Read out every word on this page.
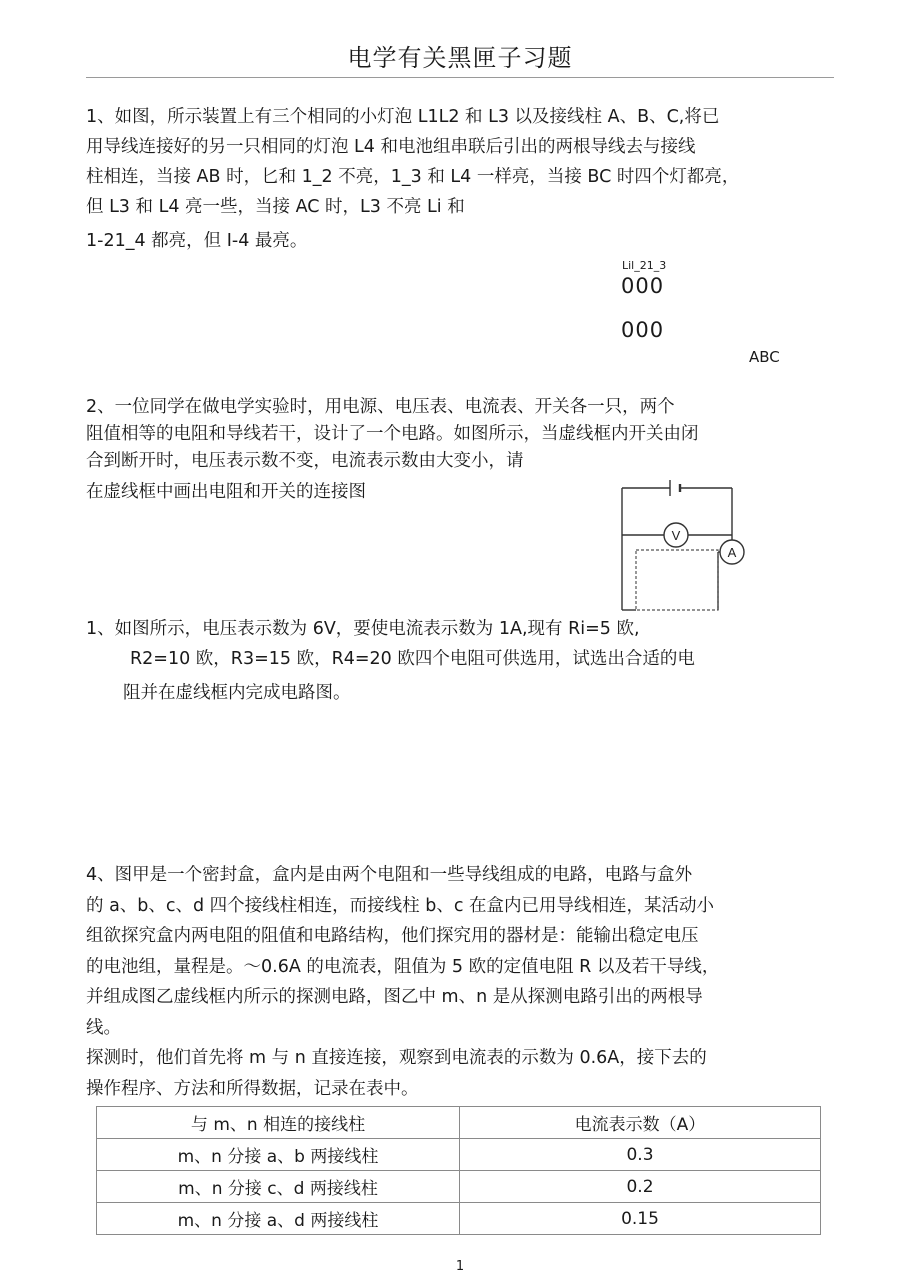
电学有关黑匣子习题
1、如图，所示装置上有三个相同的小灯泡 L1L2 和 L3 以及接线柱 A、B、C,将已
用导线连接好的另一只相同的灯泡 L4 和电池组串联后引出的两根导线去与接线
柱相连，当接 AB 时，匕和 1_2 不亮，1_3 和 L4 一样亮，当接 BC 时四个灯都亮，
但 L3 和 L4 亮一些，当接 AC 时，L3 不亮 Li 和
1-21_4 都亮，但 I-4 最亮。
Lil_21_3
000
000
ABC
2、一位同学在做电学实验时，用电源、电压表、电流表、开关各一只，两个
阻值相等的电阻和导线若干，设计了一个电路。如图所示，当虚线框内开关由闭
合到断开时，电压表示数不变，电流表示数由大变小，请
在虚线框中画出电阻和开关的连接图
V
A
1、如图所示，电压表示数为 6V，要使电流表示数为 1A,现有 Ri=5 欧,
R2=10 欧，R3=15 欧，R4=20 欧四个电阻可供选用，试选出合适的电
阻并在虚线框内完成电路图。
4、图甲是一个密封盒，盒内是由两个电阻和一些导线组成的电路，电路与盒外
的 a、b、c、d 四个接线柱相连，而接线柱 b、c 在盒内已用导线相连，某活动小
组欲探究盒内两电阻的阻值和电路结构，他们探究用的器材是：能输出稳定电压
的电池组，量程是。～0.6A 的电流表，阻值为 5 欧的定值电阻 R 以及若干导线，
并组成图乙虚线框内所示的探测电路，图乙中 m、n 是从探测电路引出的两根导
线。
探测时，他们首先将 m 与 n 直接连接，观察到电流表的示数为 0.6A，接下去的
操作程序、方法和所得数据，记录在表中。
与 m、n 相连的接线柱	电流表示数（A）
m、n 分接 a、b 两接线柱	0.3
m、n 分接 c、d 两接线柱	0.2
m、n 分接 a、d 两接线柱	0.15
1
